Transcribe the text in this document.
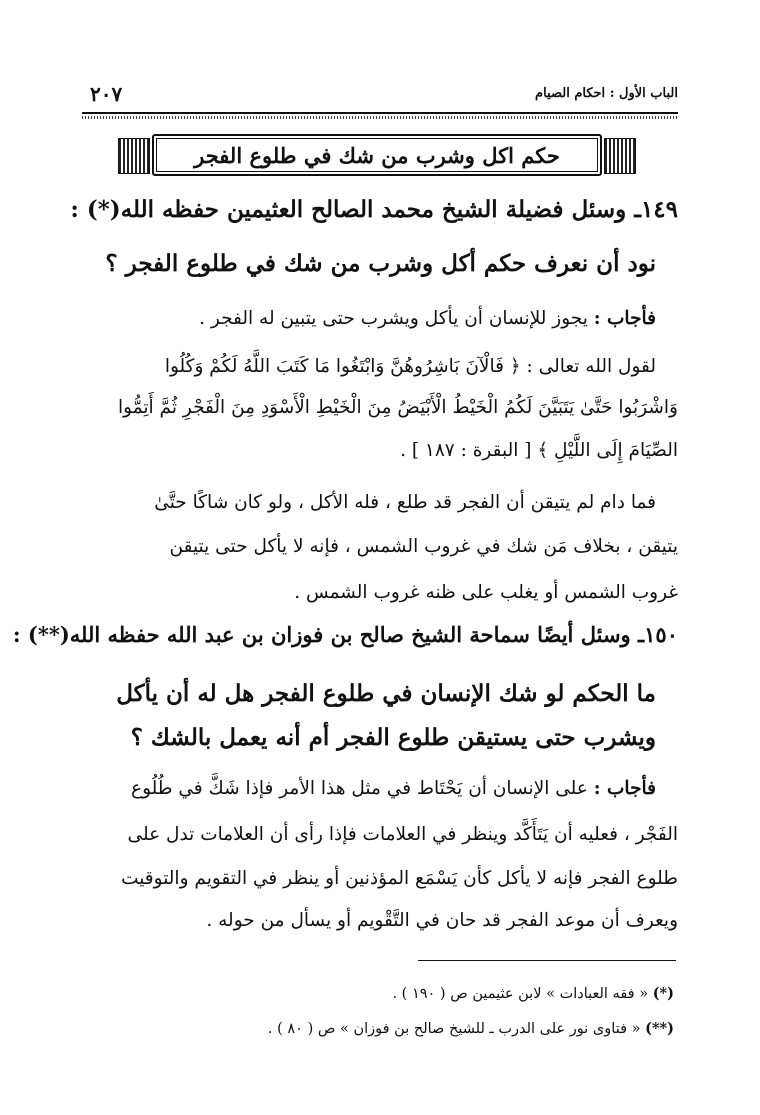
٢٠٧	الباب الأول : احكام الصيام
حكم اكل وشرب من شك في طلوع الفجر
١٤٩ـ وسئل فضيلة الشيخ محمد الصالح العثيمين حفظه الله(*) :
نود أن نعرف حكم أكل وشرب من شك في طلوع الفجر ؟
فأجاب : يجوز للإنسان أن يأكل ويشرب حتى يتبين له الفجر .
لقول الله تعالى : ﴿ فَالْآنَ بَاشِرُوهُنَّ وَابْتَغُوا مَا كَتَبَ اللَّهُ لَكُمْ وَكُلُوا
وَاشْرَبُوا حَتَّىٰ يَتَبَيَّنَ لَكُمُ الْخَيْطُ الْأَبْيَضُ مِنَ الْخَيْطِ الْأَسْوَدِ مِنَ الْفَجْرِ ثُمَّ أَتِمُّوا
الصِّيَامَ إِلَى اللَّيْلِ ﴾ [ البقرة : ١٨٧ ] .
فما دام لم يتيقن أن الفجر قد طلع ، فله الأكل ، ولو كان شاكًا حتَّىٰ
يتيقن ، بخلاف مَن شك في غروب الشمس ، فإنه لا يأكل حتى يتيقن
غروب الشمس أو يغلب على ظنه غروب الشمس .
١٥٠ـ وسئل أيضًا سماحة الشيخ صالح بن فوزان بن عبد الله حفظه الله(**) :
ما الحكم لو شك الإنسان في طلوع الفجر هل له أن يأكل
ويشرب حتى يستيقن طلوع الفجر أم أنه يعمل بالشك ؟
فأجاب : على الإنسان أن يَحْتَاط في مثل هذا الأمر فإذا شَكَّ في طُلُوع
الفَجْر ، فعليه أن يَتَأَكَّد وينظر في العلامات فإذا رأى أن العلامات تدل على
طلوع الفجر فإنه لا يأكل كأن يَسْمَع المؤذنين أو ينظر في التقويم والتوقيت
ويعرف أن موعد الفجر قد حان في التَّقْويم أو يسأل من حوله .
(*) « فقه العبادات » لابن عثيمين ص ( ١٩٠ ) .
(**) « فتاوى نور على الدرب ـ للشيخ صالح بن فوزان » ص ( ٨٠ ) .
